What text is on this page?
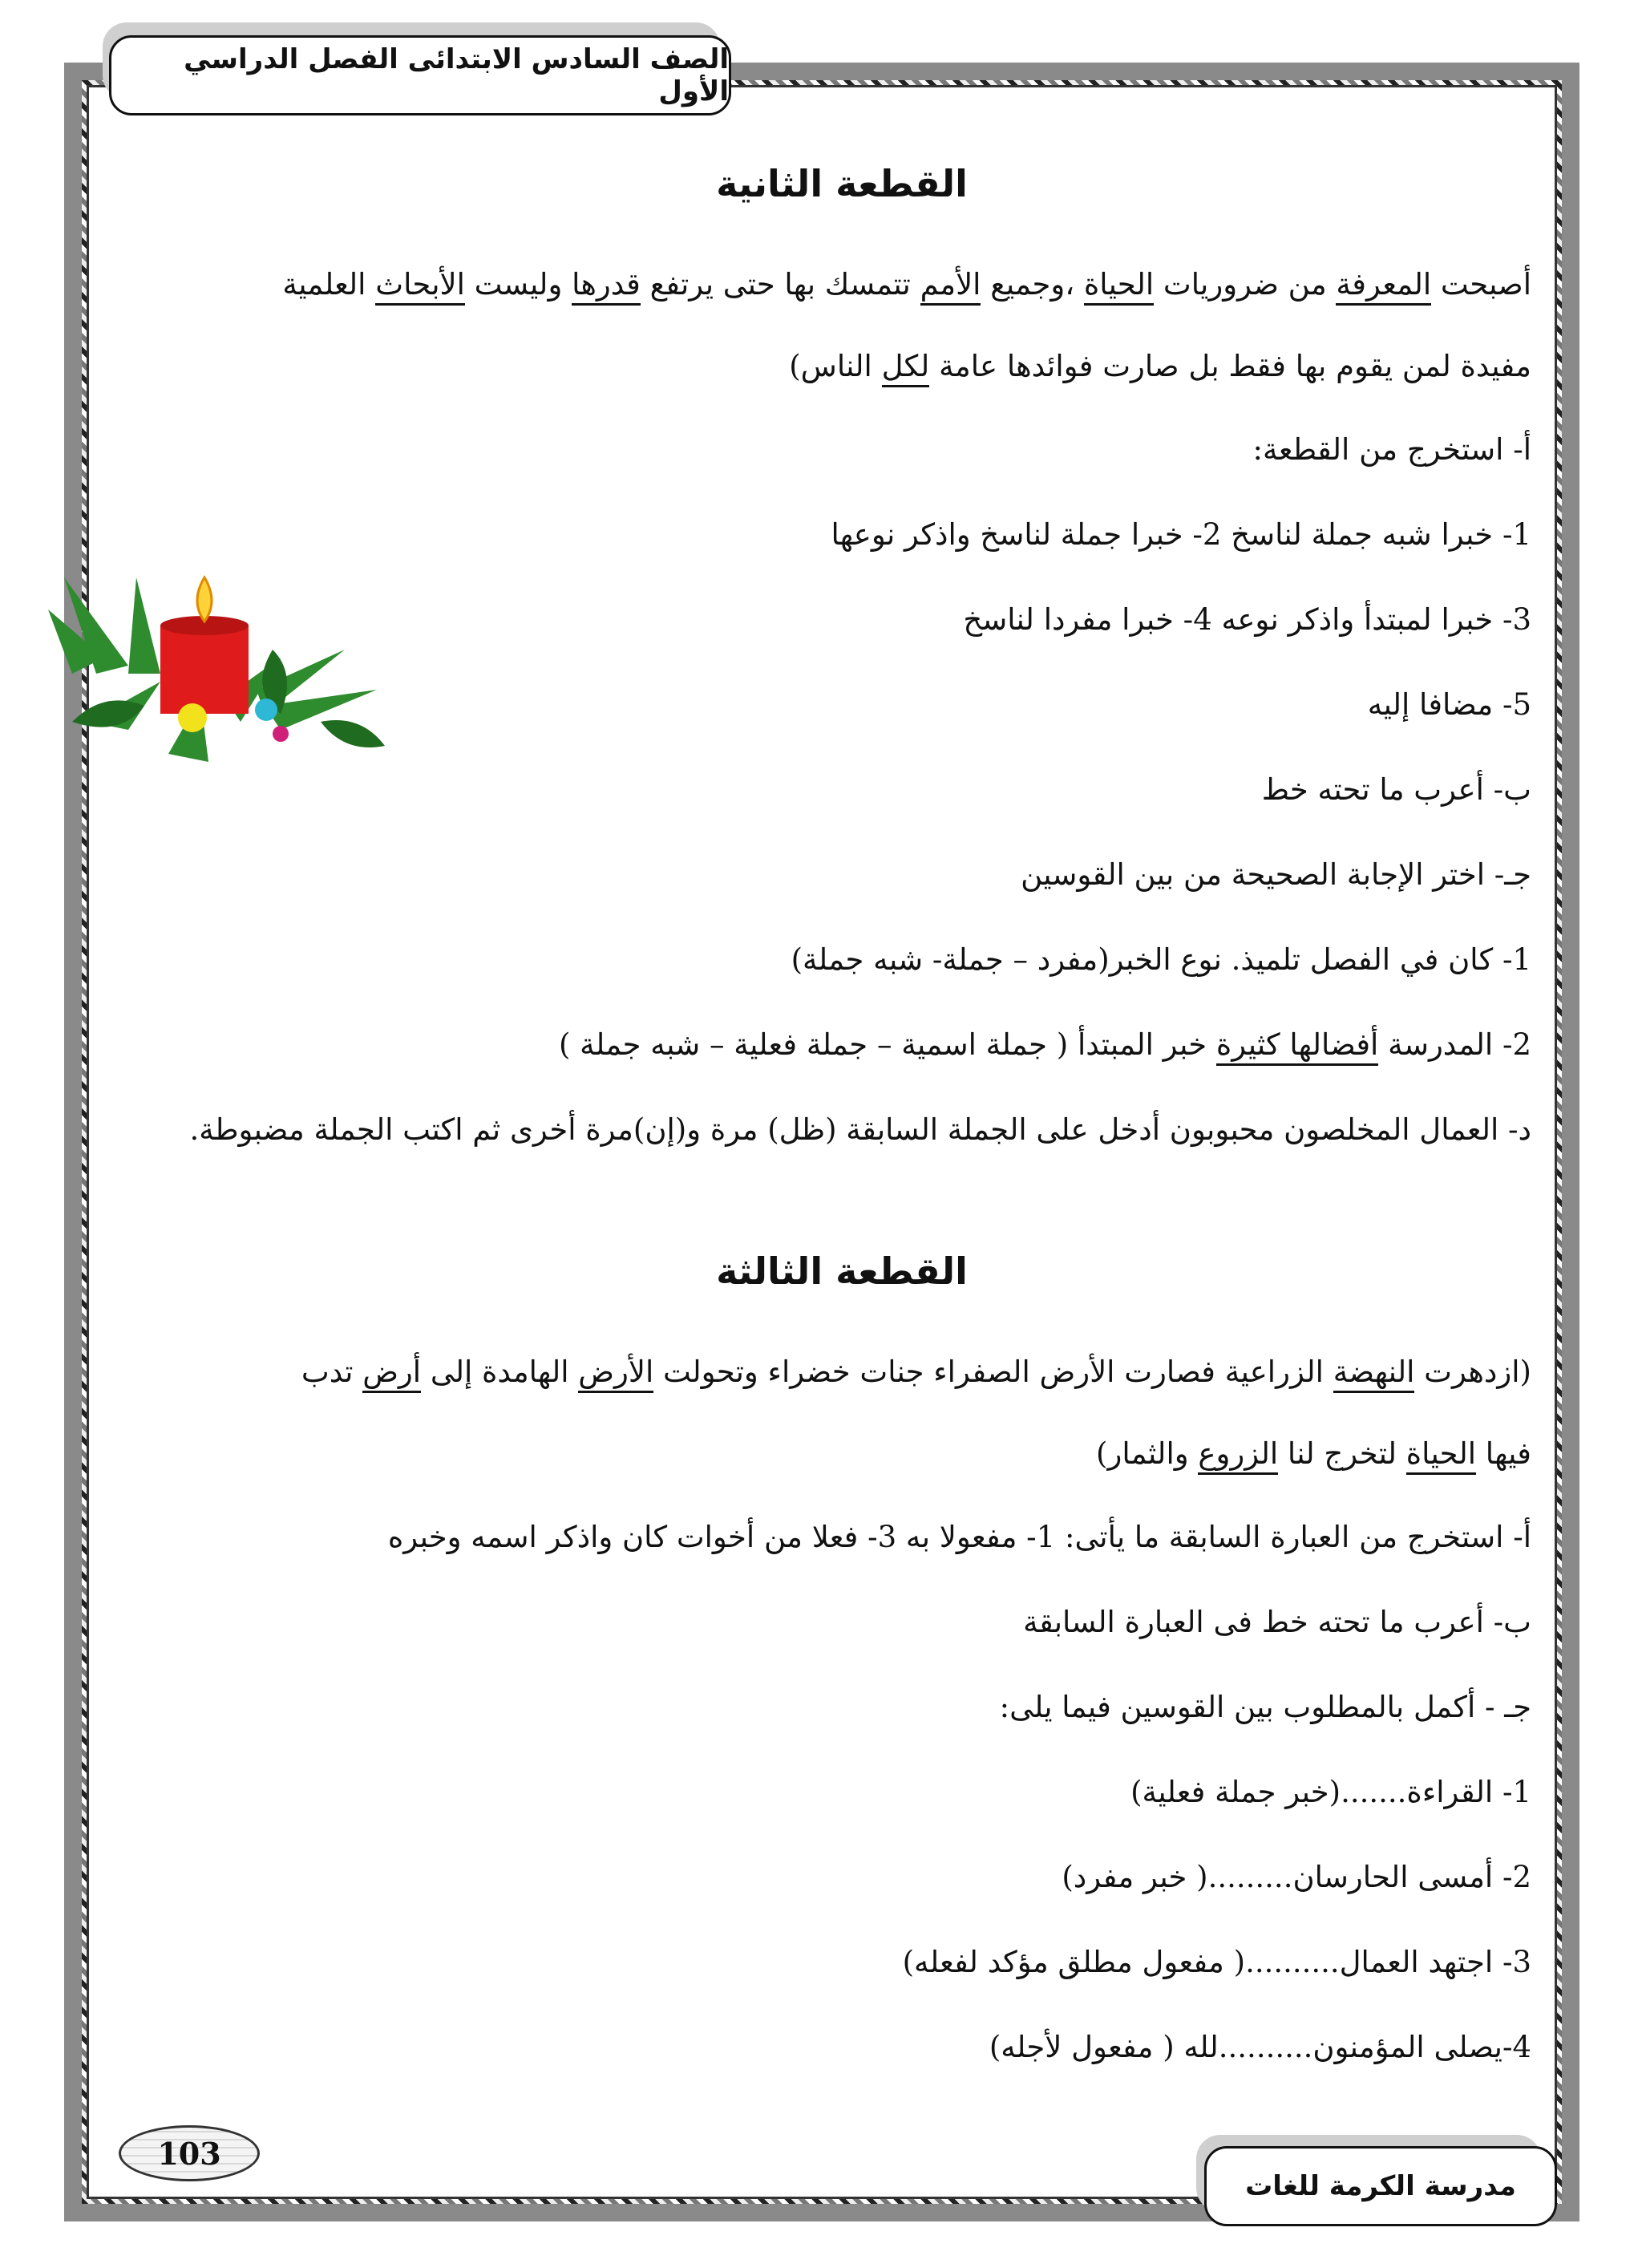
الصف السادس الابتدائى الفصل الدراسي الأول
القطعة الثانية
أصبحت المعرفة من ضروريات الحياة ،وجميع الأمم تتمسك بها حتى يرتفع قدرها وليست الأبحاث العلمية
مفيدة لمن يقوم بها فقط بل صارت فوائدها عامة لكل الناس)
أ- استخرج من القطعة:
1- خبرا شبه جملة لناسخ 2- خبرا جملة لناسخ واذكر نوعها
3- خبرا لمبتدأ واذكر نوعه 4- خبرا مفردا لناسخ
5- مضافا إليه
ب- أعرب ما تحته خط
جـ- اختر الإجابة الصحيحة من بين القوسين
1- كان في الفصل تلميذ. نوع الخبر(مفرد – جملة- شبه جملة)
2- المدرسة أفضالها كثيرة خبر المبتدأ ( جملة اسمية – جملة فعلية – شبه جملة )
د- العمال المخلصون محبوبون أدخل على الجملة السابقة (ظل) مرة و(إن)مرة أخرى ثم اكتب الجملة مضبوطة.
القطعة الثالثة
(ازدهرت النهضة الزراعية فصارت الأرض الصفراء جنات خضراء وتحولت الأرض الهامدة إلى أرض تدب
فيها الحياة لتخرج لنا الزروع والثمار)
أ- استخرج من العبارة السابقة ما يأتى: 1- مفعولا به 3- فعلا من أخوات كان واذكر اسمه وخبره
ب- أعرب ما تحته خط فى العبارة السابقة
جـ - أكمل بالمطلوب بين القوسين فيما يلى:
1- القراءة.......(خبر جملة فعلية)
2- أمسى الحارسان.........( خبر مفرد)
3- اجتهد العمال..........( مفعول مطلق مؤكد لفعله)
4-يصلى المؤمنون..........لله ( مفعول لأجله)
103
مدرسة الكرمة للغات
